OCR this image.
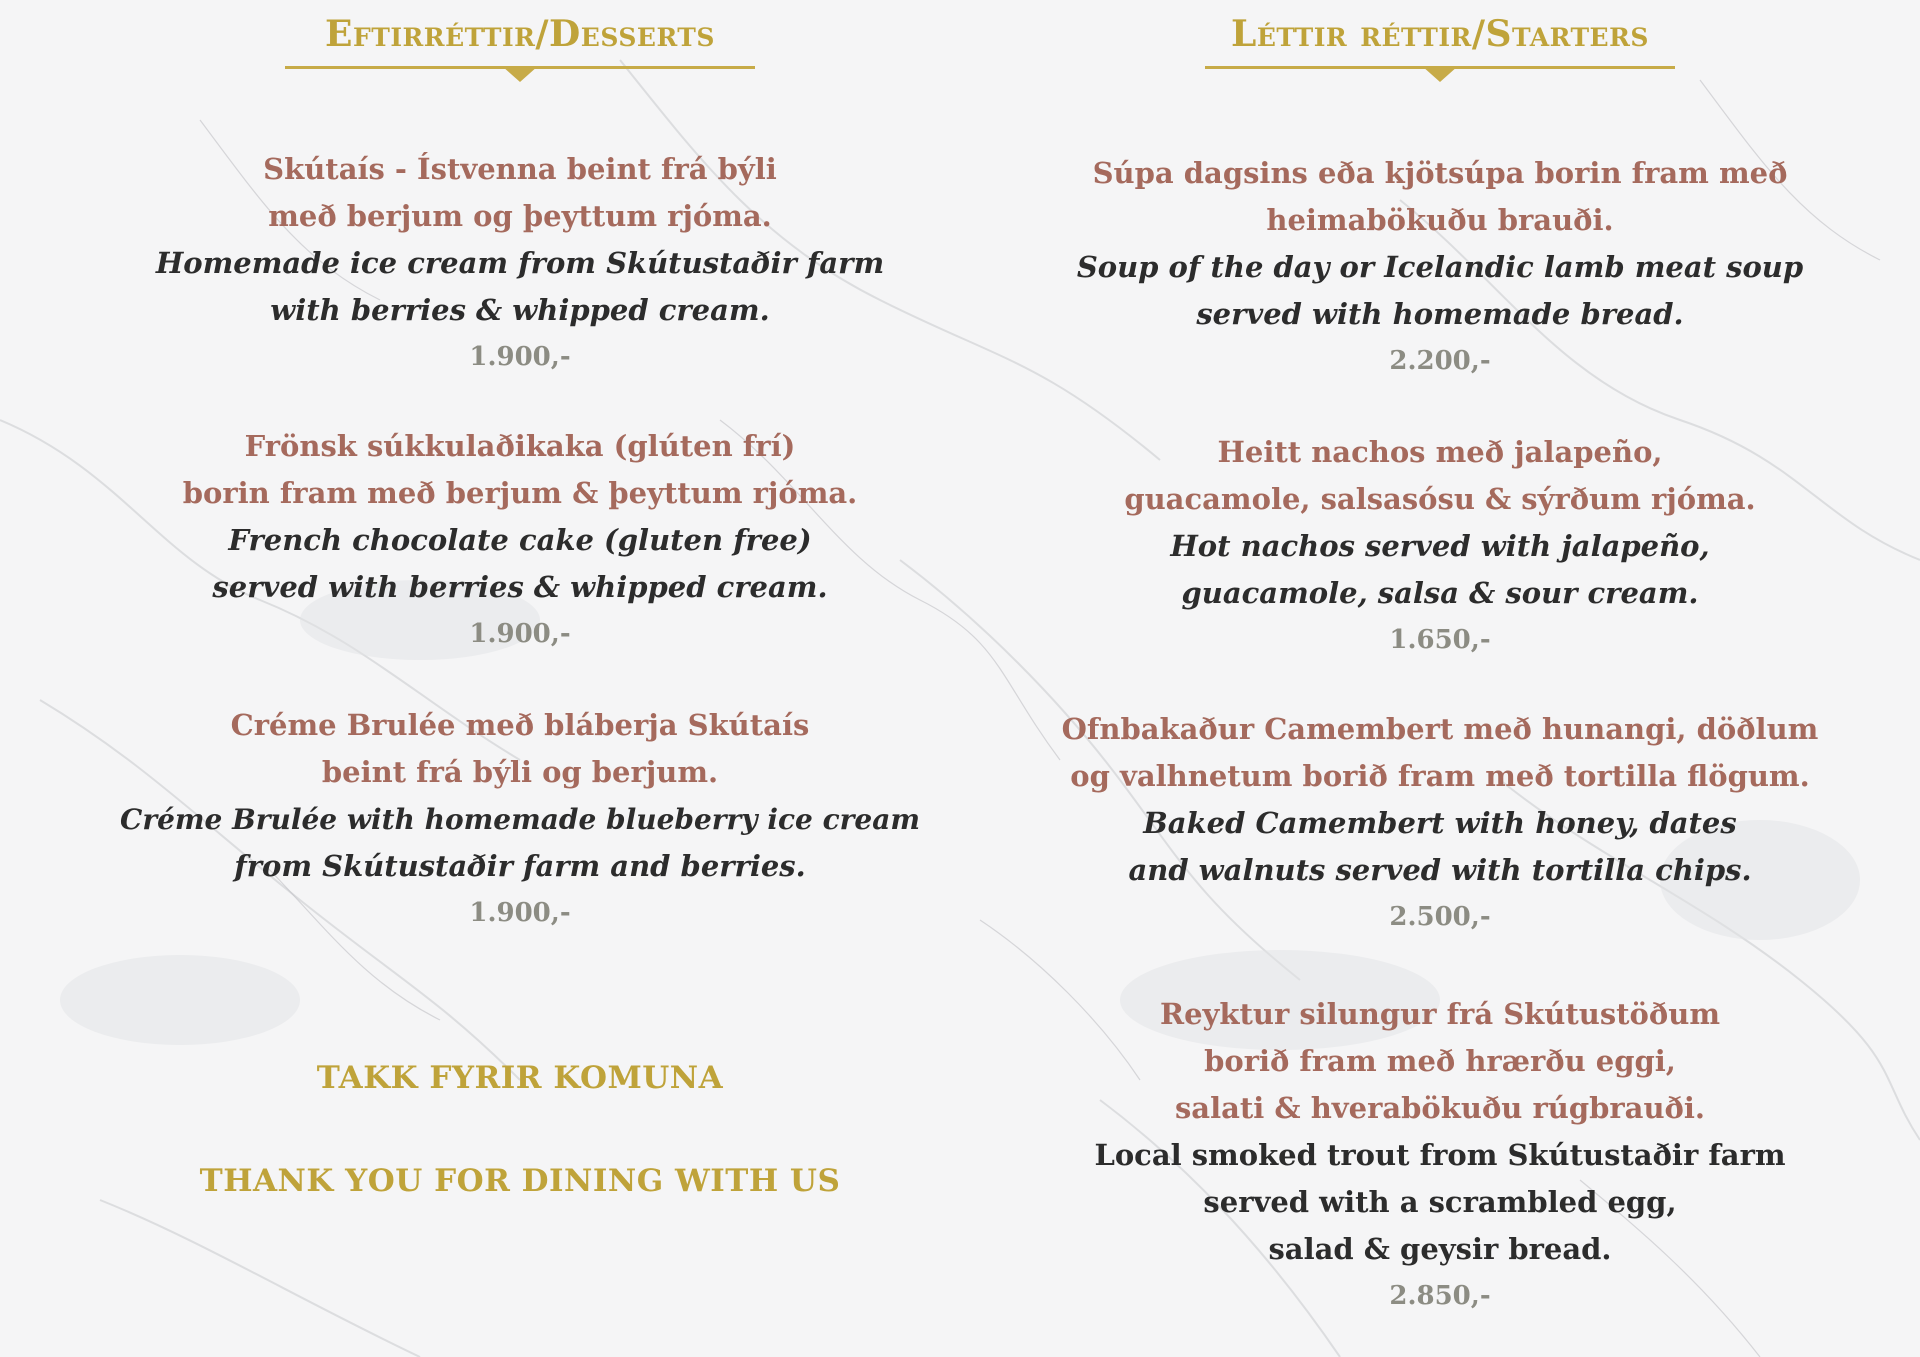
Eftirréttir/Desserts
Skútaís - Ístvenna beint frá býli
með berjum og þeyttum rjóma.
Homemade ice cream from Skútustaðir farm
with berries & whipped cream.
1.900,-
Frönsk súkkulaðikaka (glúten frí)
borin fram með berjum & þeyttum rjóma.
French chocolate cake (gluten free)
served with berries & whipped cream.
1.900,-
Créme Brulée með bláberja Skútaís
beint frá býli og berjum.
Créme Brulée with homemade blueberry ice cream
from Skútustaðir farm and berries.
1.900,-
TAKK FYRIR KOMUNA
THANK YOU FOR DINING WITH US
Léttir réttir/Starters
Súpa dagsins eða kjötsúpa borin fram með
heimabökuðu brauði.
Soup of the day or Icelandic lamb meat soup
served with homemade bread.
2.200,-
Heitt nachos með jalapeño,
guacamole, salsasósu & sýrðum rjóma.
Hot nachos served with jalapeño,
guacamole, salsa & sour cream.
1.650,-
Ofnbakaður Camembert með hunangi, döðlum
og valhnetum borið fram með tortilla flögum.
Baked Camembert with honey, dates
and walnuts served with tortilla chips.
2.500,-
Reyktur silungur frá Skútustöðum
borið fram með hrærðu eggi,
salati & hverabökuðu rúgbrauði.
Local smoked trout from Skútustaðir farm
served with a scrambled egg,
salad & geysir bread.
2.850,-
